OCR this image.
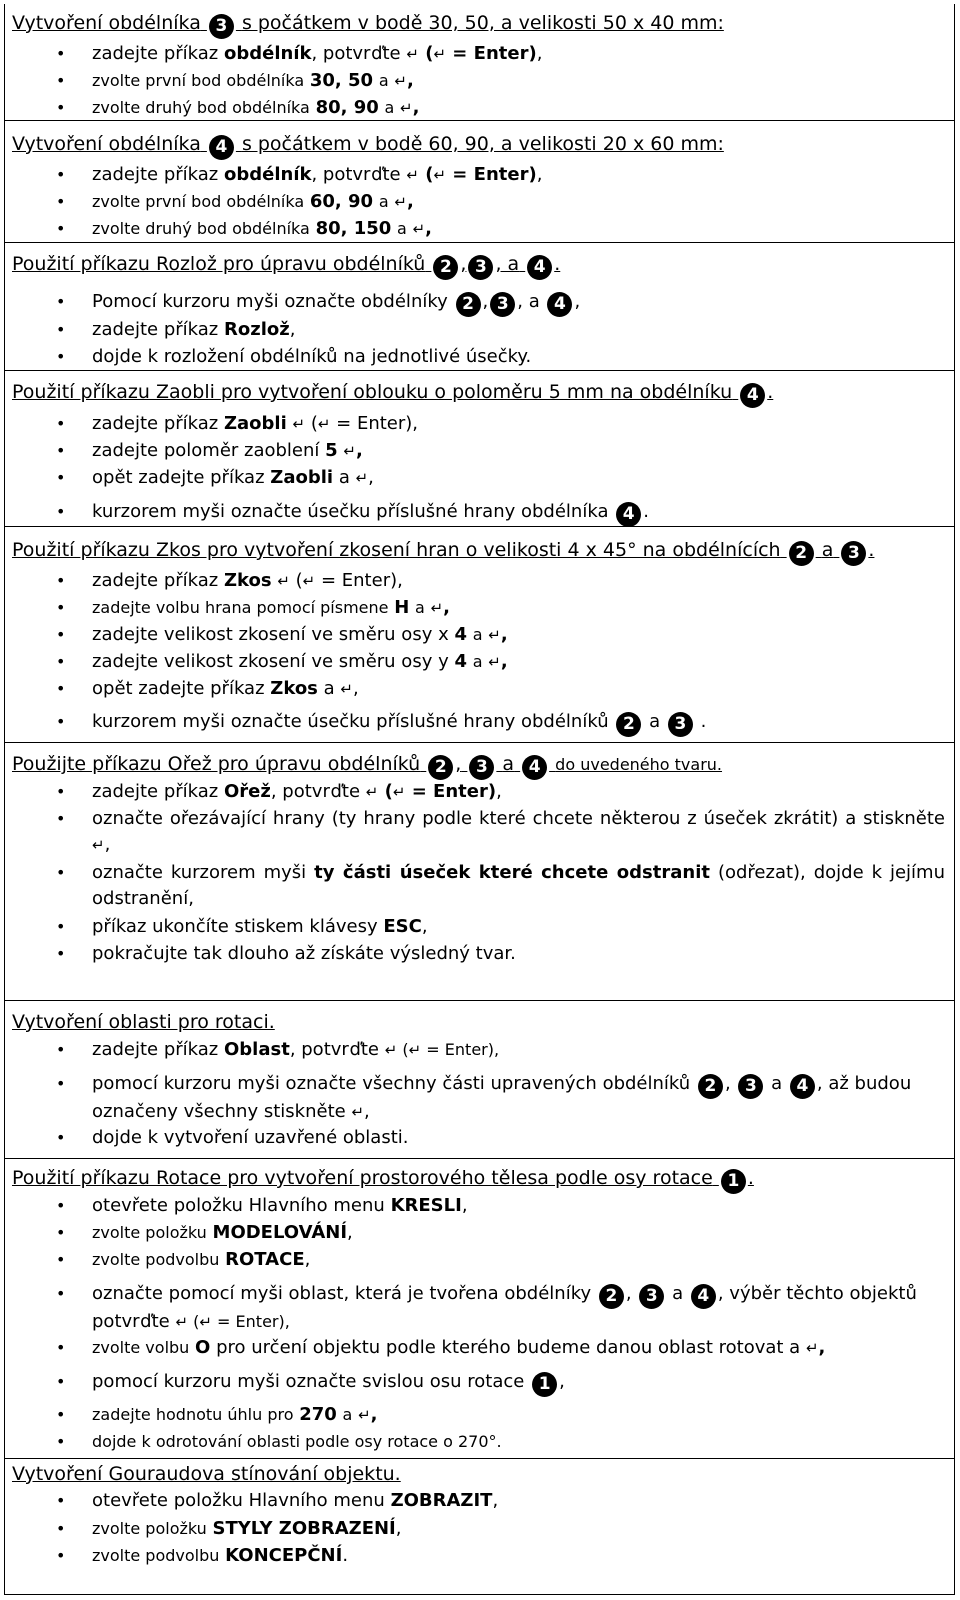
Vytvoření obdélníka 3 s počátkem v bodě 30, 50, a velikosti 50 x 40 mm:
• zadejte příkaz obdélník, potvrďte ↵ (↵ = Enter),
• zvolte první bod obdélníka 30, 50 a ↵,
• zvolte druhý bod obdélníka 80, 90 a ↵,
Vytvoření obdélníka 4 s počátkem v bodě 60, 90, a velikosti 20 x 60 mm:
• zadejte příkaz obdélník, potvrďte ↵ (↵ = Enter),
• zvolte první bod obdélníka 60, 90 a ↵,
• zvolte druhý bod obdélníka 80, 150 a ↵,
Použití příkazu Rozlož pro úpravu obdélníků 2 , 3 , a 4 .
• Pomocí kurzoru myši označte obdélníky 2 , 3 , a 4 ,
• zadejte příkaz Rozlož,
• dojde k rozložení obdélníků na jednotlivé úsečky.
Použití příkazu Zaobli pro vytvoření oblouku o poloměru 5 mm na obdélníku 4 .
• zadejte příkaz Zaobli ↵ (↵ = Enter),
• zadejte poloměr zaoblení 5 ↵,
• opět zadejte příkaz Zaobli a ↵,
• kurzorem myši označte úsečku příslušné hrany obdélníka 4 .
Použití příkazu Zkos pro vytvoření zkosení hran o velikosti 4 x 45° na obdélnících 2 a 3 .
• zadejte příkaz Zkos ↵ (↵ = Enter),
• zadejte volbu hrana pomocí písmene H a ↵,
• zadejte velikost zkosení ve směru osy x 4 a ↵,
• zadejte velikost zkosení ve směru osy y 4 a ↵,
• opět zadejte příkaz Zkos a ↵,
• kurzorem myši označte úsečku příslušné hrany obdélníků 2 a 3 .
Použijte příkazu Ořež pro úpravu obdélníků 2 , 3 a 4 do uvedeného tvaru.
• zadejte příkaz Ořež, potvrďte ↵ (↵ = Enter),
• označte ořezávající hrany (ty hrany podle které chcete některou z úseček zkrátit) a stiskněte ↵,
• označte kurzorem myši ty části úseček které chcete odstranit (odřezat), dojde k jejímu odstranění,
• příkaz ukončíte stiskem klávesy ESC,
• pokračujte tak dlouho až získáte výsledný tvar.
Vytvoření oblasti pro rotaci.
• zadejte příkaz Oblast, potvrďte ↵ (↵ = Enter),
• pomocí kurzoru myši označte všechny části upravených obdélníků 2 , 3 a 4 , až budou označeny všechny stiskněte ↵,
• dojde k vytvoření uzavřené oblasti.
Použití příkazu Rotace pro vytvoření prostorového tělesa podle osy rotace 1 .
• otevřete položku Hlavního menu KRESLI,
• zvolte položku MODELOVÁNÍ,
• zvolte podvolbu ROTACE,
• označte pomocí myši oblast, která je tvořena obdélníky 2 , 3 a 4 , výběr těchto objektů potvrďte ↵ (↵ = Enter),
• zvolte volbu O pro určení objektu podle kterého budeme danou oblast rotovat a ↵,
• pomocí kurzoru myši označte svislou osu rotace 1 ,
• zadejte hodnotu úhlu pro 270 a ↵,
• dojde k odrotování oblasti podle osy rotace o 270°.
Vytvoření Gouraudova stínování objektu.
• otevřete položku Hlavního menu ZOBRAZIT,
• zvolte položku STYLY ZOBRAZENÍ,
• zvolte podvolbu KONCEPČNÍ.
